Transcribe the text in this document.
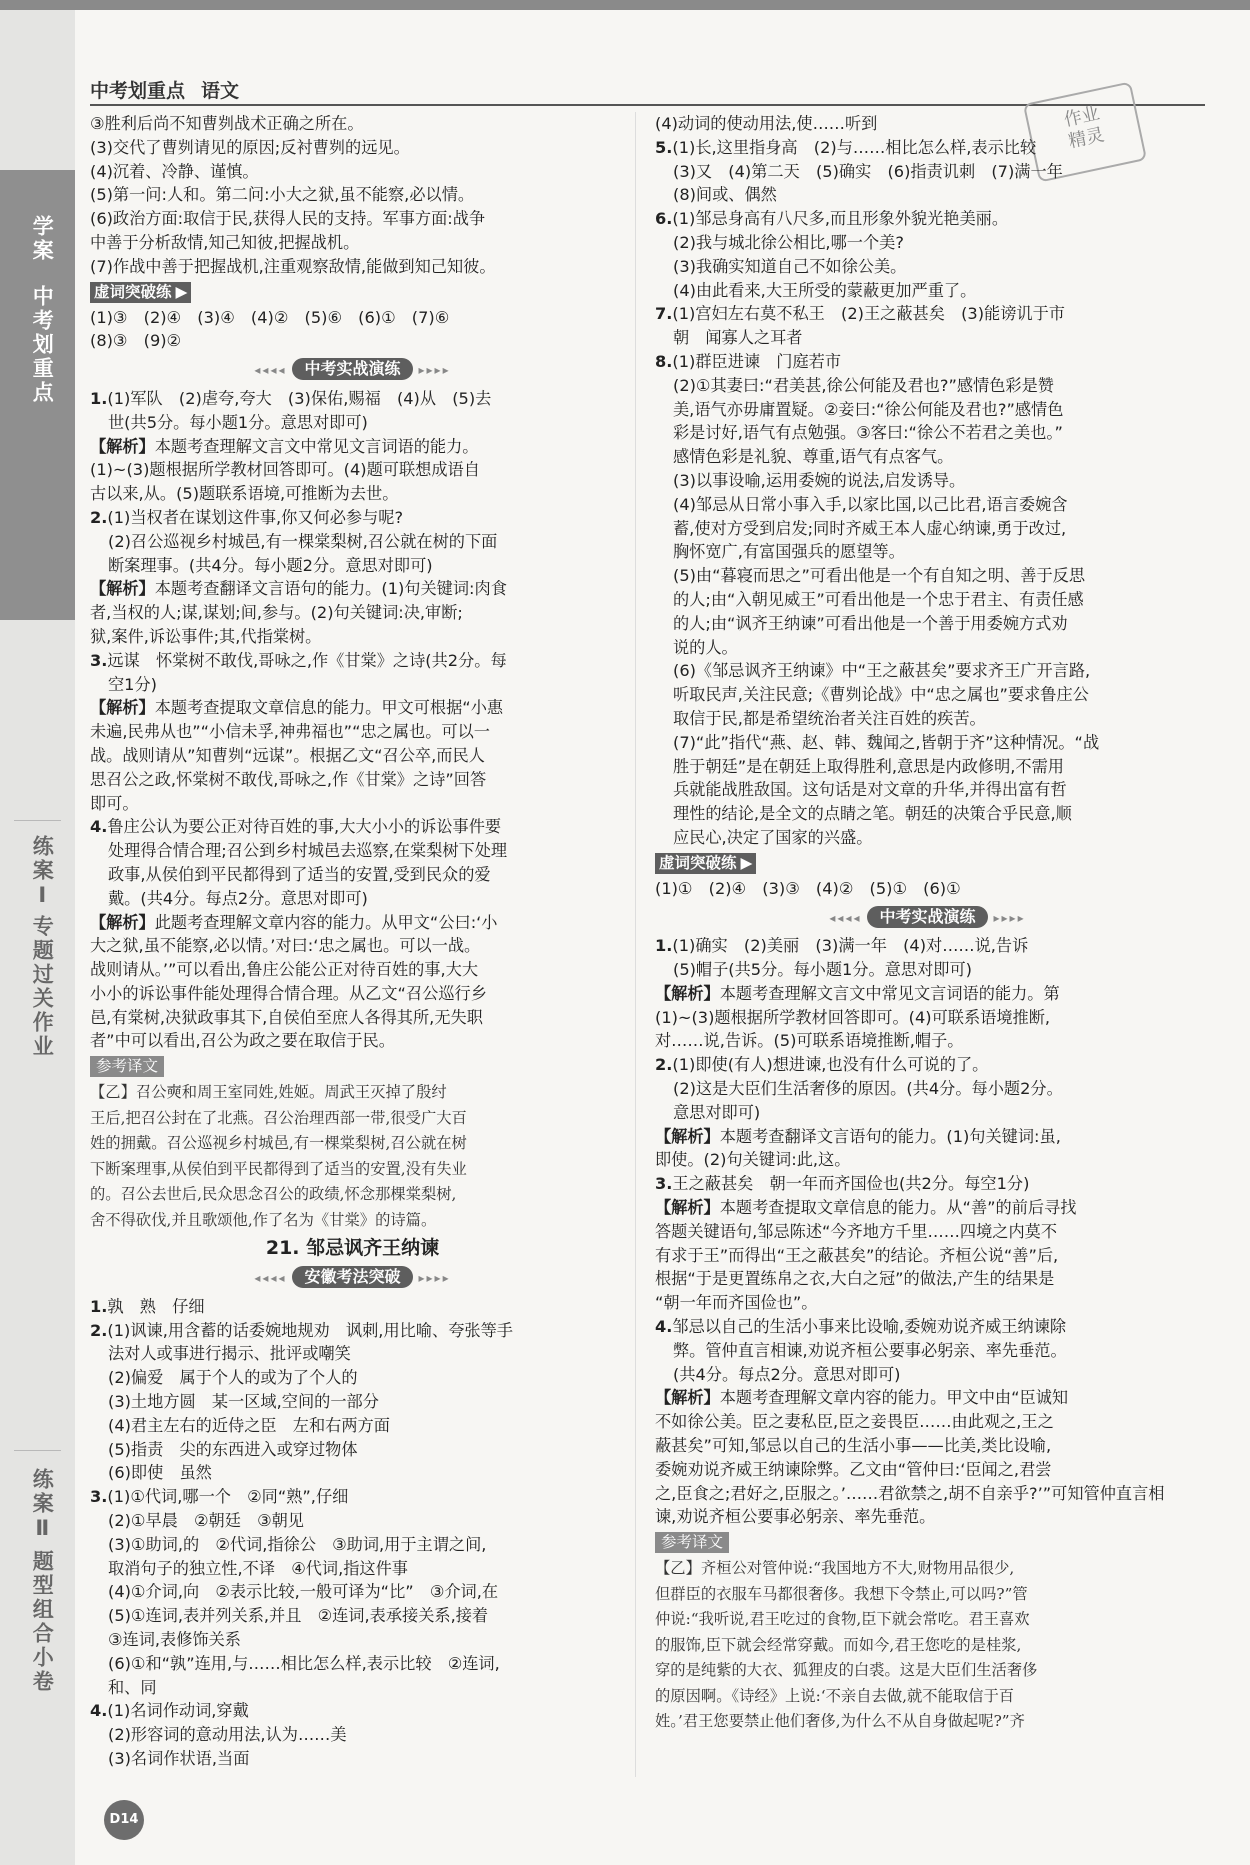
学案
中考划重点
练案Ⅰ
专题过关作业
练案Ⅱ
题型组合小卷
中考划重点 语文
作业
精灵
③胜利后尚不知曹刿战术正确之所在。
(3)交代了曹刿请见的原因;反衬曹刿的远见。
(4)沉着、冷静、谨慎。
(5)第一问:人和。第二问:小大之狱,虽不能察,必以情。
(6)政治方面:取信于民,获得人民的支持。军事方面:战争
中善于分析敌情,知己知彼,把握战机。
(7)作战中善于把握战机,注重观察敌情,能做到知己知彼。
虚词突破练 ▶
(1)③　(2)④　(3)④　(4)②　(5)⑥　(6)①　(7)⑥
(8)③　(9)②
◂◂◂◂ 中考实战演练 ▸▸▸▸
1.(1)军队　(2)虐夸,夸大　(3)保佑,赐福　(4)从　(5)去
世(共5分。每小题1分。意思对即可)
【解析】本题考查理解文言文中常见文言词语的能力。
(1)~(3)题根据所学教材回答即可。(4)题可联想成语自
古以来,从。(5)题联系语境,可推断为去世。
2.(1)当权者在谋划这件事,你又何必参与呢?
(2)召公巡视乡村城邑,有一棵棠梨树,召公就在树的下面
断案理事。(共4分。每小题2分。意思对即可)
【解析】本题考查翻译文言语句的能力。(1)句关键词:肉食
者,当权的人;谋,谋划;间,参与。(2)句关键词:决,审断;
狱,案件,诉讼事件;其,代指棠树。
3.远谋　怀棠树不敢伐,哥咏之,作《甘棠》之诗(共2分。每
空1分)
【解析】本题考查提取文章信息的能力。甲文可根据“小惠
未遍,民弗从也”“小信未孚,神弗福也”“忠之属也。可以一
战。战则请从”知曹刿“远谋”。根据乙文“召公卒,而民人
思召公之政,怀棠树不敢伐,哥咏之,作《甘棠》之诗”回答
即可。
4.鲁庄公认为要公正对待百姓的事,大大小小的诉讼事件要
处理得合情合理;召公到乡村城邑去巡察,在棠梨树下处理
政事,从侯伯到平民都得到了适当的安置,受到民众的爱
戴。(共4分。每点2分。意思对即可)
【解析】此题考查理解文章内容的能力。从甲文“公曰:‘小
大之狱,虽不能察,必以情。’对曰:‘忠之属也。可以一战。
战则请从。’”可以看出,鲁庄公能公正对待百姓的事,大大
小小的诉讼事件能处理得合情合理。从乙文“召公巡行乡
邑,有棠树,决狱政事其下,自侯伯至庶人各得其所,无失职
者”中可以看出,召公为政之要在取信于民。
参考译文
【乙】召公奭和周王室同姓,姓姬。周武王灭掉了殷纣
王后,把召公封在了北燕。召公治理西部一带,很受广大百
姓的拥戴。召公巡视乡村城邑,有一棵棠梨树,召公就在树
下断案理事,从侯伯到平民都得到了适当的安置,没有失业
的。召公去世后,民众思念召公的政绩,怀念那棵棠梨树,
舍不得砍伐,并且歌颂他,作了名为《甘棠》的诗篇。
21. 邹忌讽齐王纳谏
◂◂◂◂ 安徽考法突破 ▸▸▸▸
1.孰　熟　仔细
2.(1)讽谏,用含蓄的话委婉地规劝　讽刺,用比喻、夸张等手
法对人或事进行揭示、批评或嘲笑
(2)偏爱　属于个人的或为了个人的
(3)土地方圆　某一区域,空间的一部分
(4)君主左右的近侍之臣　左和右两方面
(5)指责　尖的东西进入或穿过物体
(6)即使　虽然
3.(1)①代词,哪一个　②同“熟”,仔细
(2)①早晨　②朝廷　③朝见
(3)①助词,的　②代词,指徐公　③助词,用于主谓之间,
取消句子的独立性,不译　④代词,指这件事
(4)①介词,向　②表示比较,一般可译为“比”　③介词,在
(5)①连词,表并列关系,并且　②连词,表承接关系,接着
③连词,表修饰关系
(6)①和“孰”连用,与……相比怎么样,表示比较　②连词,
和、同
4.(1)名词作动词,穿戴
(2)形容词的意动用法,认为……美
(3)名词作状语,当面
(4)动词的使动用法,使……听到
5.(1)长,这里指身高　(2)与……相比怎么样,表示比较
(3)又　(4)第二天　(5)确实　(6)指责讥刺　(7)满一年
(8)间或、偶然
6.(1)邹忌身高有八尺多,而且形象外貌光艳美丽。
(2)我与城北徐公相比,哪一个美?
(3)我确实知道自己不如徐公美。
(4)由此看来,大王所受的蒙蔽更加严重了。
7.(1)宫妇左右莫不私王　(2)王之蔽甚矣　(3)能谤讥于市
朝　闻寡人之耳者
8.(1)群臣进谏　门庭若市
(2)①其妻曰:“君美甚,徐公何能及君也?”感情色彩是赞
美,语气亦毋庸置疑。②妾曰:“徐公何能及君也?”感情色
彩是讨好,语气有点勉强。③客曰:“徐公不若君之美也。”
感情色彩是礼貌、尊重,语气有点客气。
(3)以事设喻,运用委婉的说法,启发诱导。
(4)邹忌从日常小事入手,以家比国,以己比君,语言委婉含
蓄,使对方受到启发;同时齐威王本人虚心纳谏,勇于改过,
胸怀宽广,有富国强兵的愿望等。
(5)由“暮寝而思之”可看出他是一个有自知之明、善于反思
的人;由“入朝见威王”可看出他是一个忠于君主、有责任感
的人;由“讽齐王纳谏”可看出他是一个善于用委婉方式劝
说的人。
(6)《邹忌讽齐王纳谏》中“王之蔽甚矣”要求齐王广开言路,
听取民声,关注民意;《曹刿论战》中“忠之属也”要求鲁庄公
取信于民,都是希望统治者关注百姓的疾苦。
(7)“此”指代“燕、赵、韩、魏闻之,皆朝于齐”这种情况。“战
胜于朝廷”是在朝廷上取得胜利,意思是内政修明,不需用
兵就能战胜敌国。这句话是对文章的升华,并得出富有哲
理性的结论,是全文的点睛之笔。朝廷的决策合乎民意,顺
应民心,决定了国家的兴盛。
虚词突破练 ▶
(1)①　(2)④　(3)③　(4)②　(5)①　(6)①
◂◂◂◂ 中考实战演练 ▸▸▸▸
1.(1)确实　(2)美丽　(3)满一年　(4)对……说,告诉
(5)帽子(共5分。每小题1分。意思对即可)
【解析】本题考查理解文言文中常见文言词语的能力。第
(1)~(3)题根据所学教材回答即可。(4)可联系语境推断,
对……说,告诉。(5)可联系语境推断,帽子。
2.(1)即使(有人)想进谏,也没有什么可说的了。
(2)这是大臣们生活奢侈的原因。(共4分。每小题2分。
意思对即可)
【解析】本题考查翻译文言语句的能力。(1)句关键词:虽,
即使。(2)句关键词:此,这。
3.王之蔽甚矣　朝一年而齐国俭也(共2分。每空1分)
【解析】本题考查提取文章信息的能力。从“善”的前后寻找
答题关键语句,邹忌陈述“今齐地方千里……四境之内莫不
有求于王”而得出“王之蔽甚矣”的结论。齐桓公说“善”后,
根据“于是更置练帛之衣,大白之冠”的做法,产生的结果是
“朝一年而齐国俭也”。
4.邹忌以自己的生活小事来比设喻,委婉劝说齐威王纳谏除
弊。管仲直言相谏,劝说齐桓公要事必躬亲、率先垂范。
(共4分。每点2分。意思对即可)
【解析】本题考查理解文章内容的能力。甲文中由“臣诚知
不如徐公美。臣之妻私臣,臣之妾畏臣……由此观之,王之
蔽甚矣”可知,邹忌以自己的生活小事——比美,类比设喻,
委婉劝说齐威王纳谏除弊。乙文由“管仲曰:‘臣闻之,君尝
之,臣食之;君好之,臣服之。’……君欲禁之,胡不自亲乎?’”可知管仲直言相
谏,劝说齐桓公要事必躬亲、率先垂范。
参考译文
【乙】齐桓公对管仲说:“我国地方不大,财物用品很少,
但群臣的衣服车马都很奢侈。我想下令禁止,可以吗?”管
仲说:“我听说,君王吃过的食物,臣下就会常吃。君王喜欢
的服饰,臣下就会经常穿戴。而如今,君王您吃的是桂浆,
穿的是纯紫的大衣、狐狸皮的白裘。这是大臣们生活奢侈
的原因啊。《诗经》上说:‘不亲自去做,就不能取信于百
姓。’君王您要禁止他们奢侈,为什么不从自身做起呢?”齐
D14
